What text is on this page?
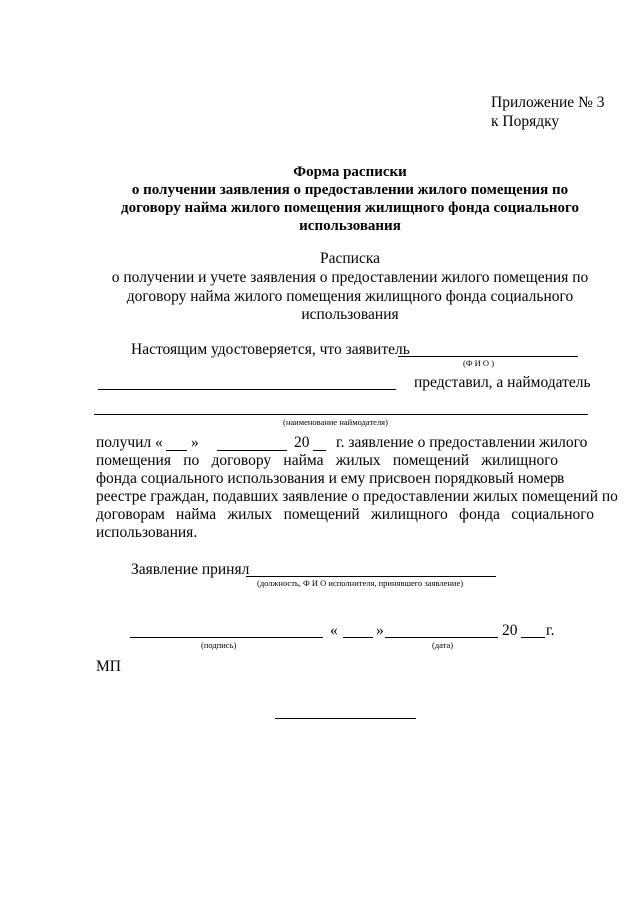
Приложение № 3
к Порядку
Форма расписки
о получении заявления о предоставлении жилого помещения по
договору найма жилого помещения жилищного фонда социального
использования
Расписка
о получении и учете заявления о предоставлении жилого помещения по
договору найма жилого помещения жилищного фонда социального
использования
Настоящим удостоверяется, что заявитель
(Ф И О )
представил, а наймодатель
(наименование наймодателя)
получил « »	20 г. заявление о предоставлении жилого
помещения по договору найма жилых помещений жилищного
фонда социального использования и ему присвоен порядковый номер в
реестре граждан, подавших заявление о предоставлении жилых помещений по
договорам найма жилых помещений жилищного фонда социального
использования.
Заявление принял
(должность, Ф И О исполнителя, принявшего заявление)
« »	20 г.
(подпись)	(дата)
МП
